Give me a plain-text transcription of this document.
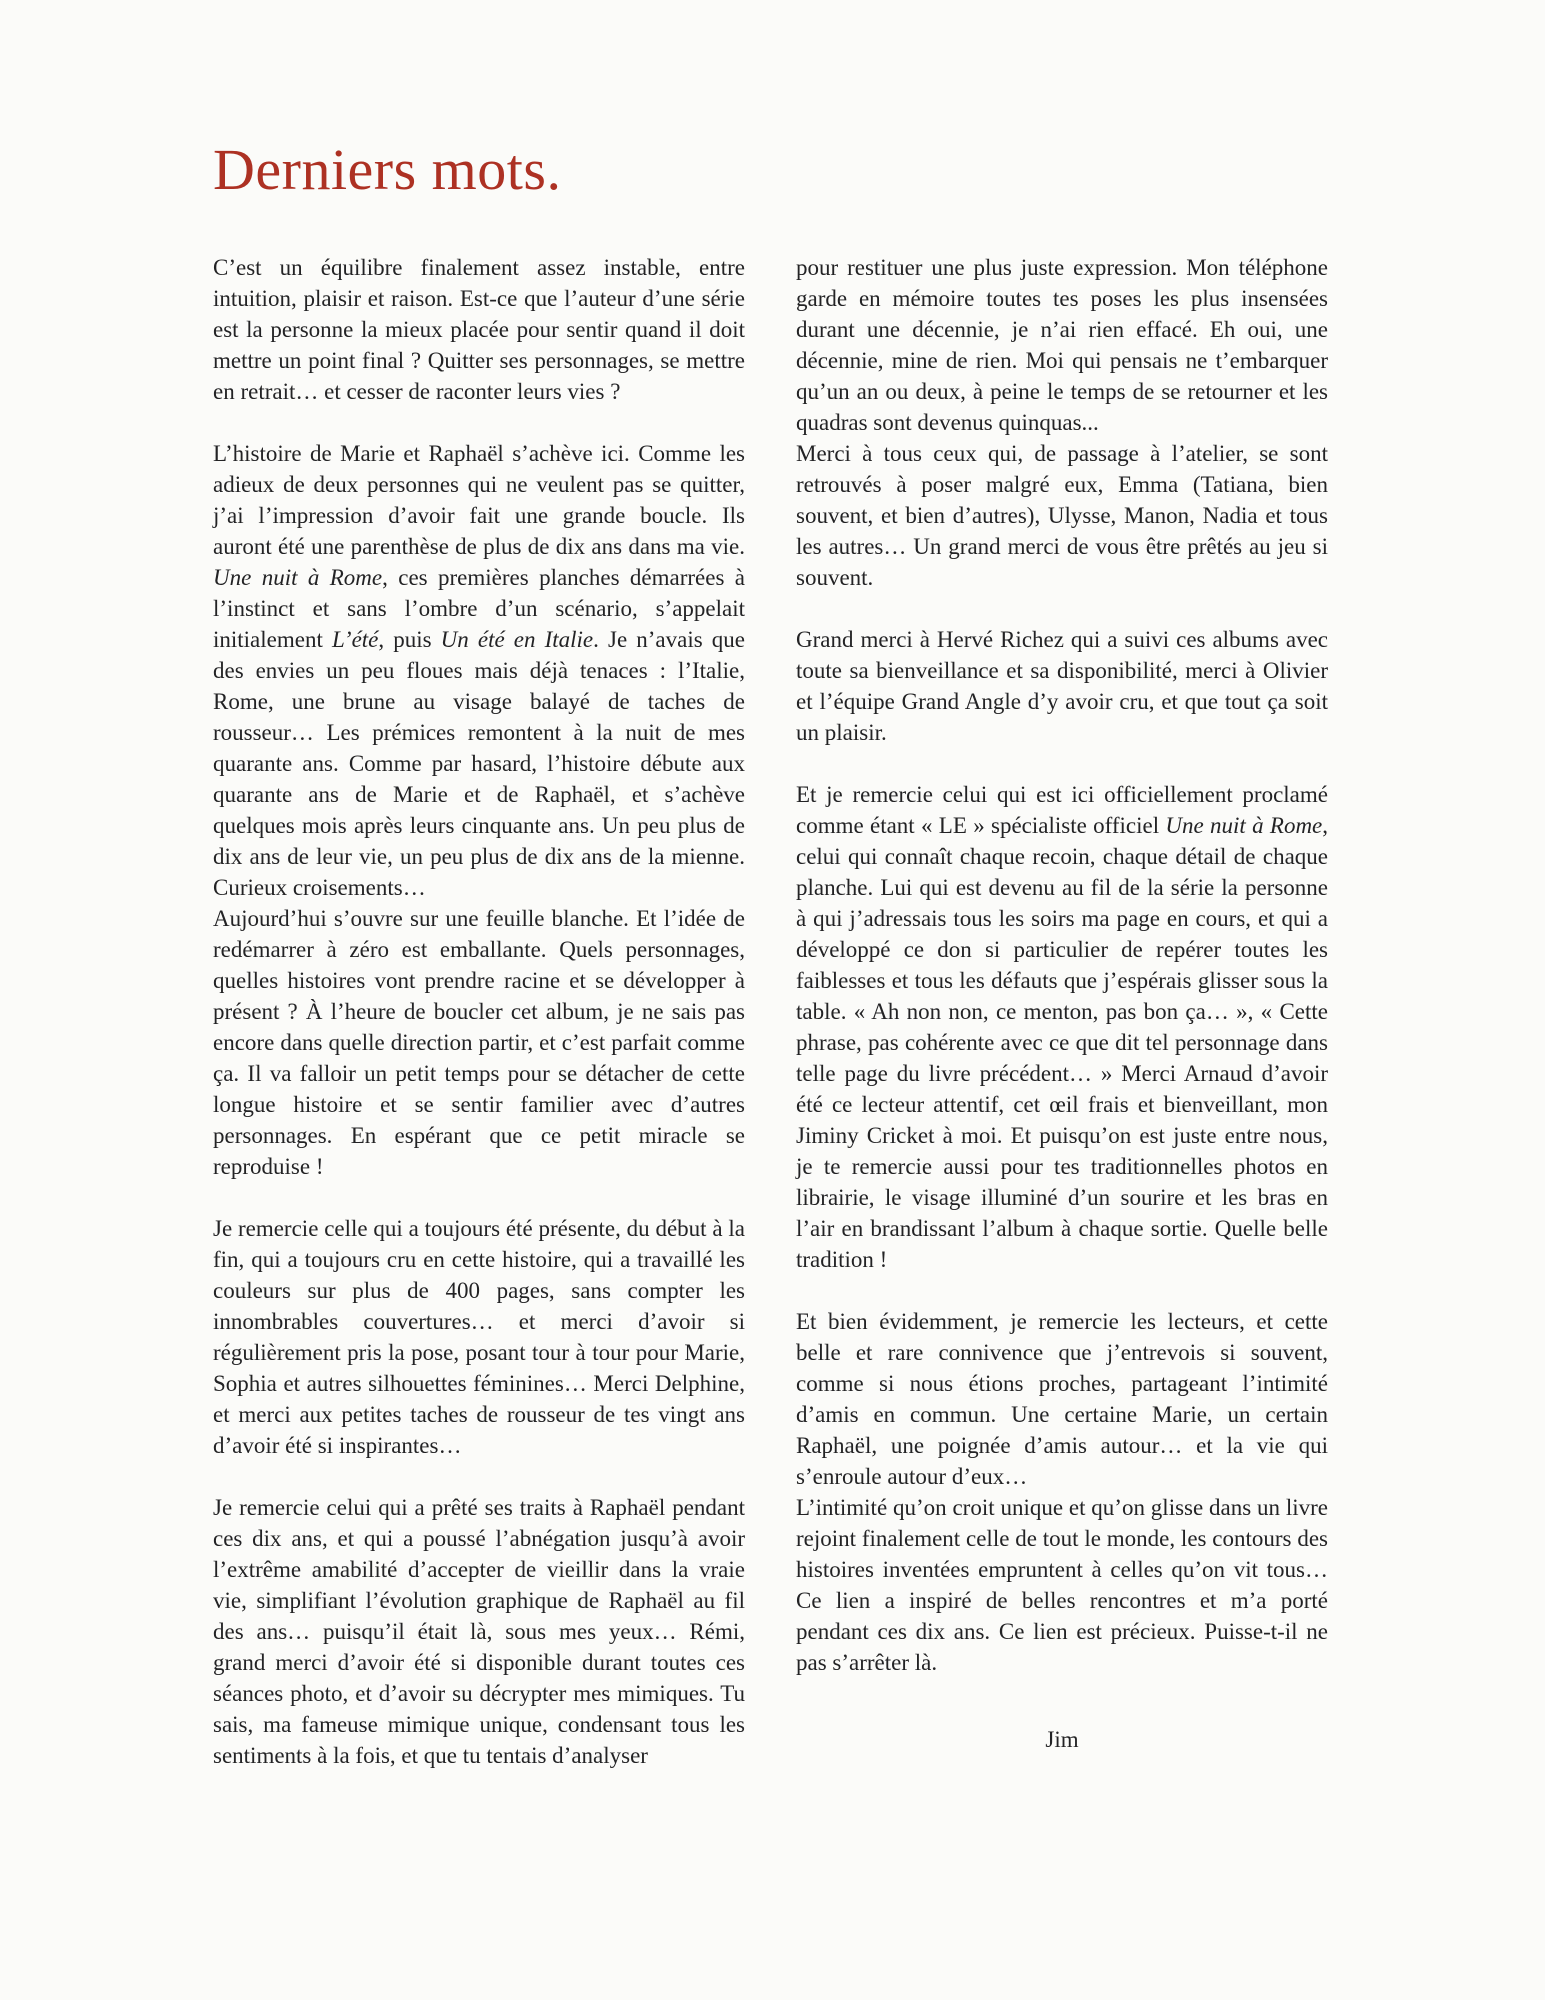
Derniers mots.

C’est un équilibre finalement assez instable, entre intuition, plaisir et raison. Est-ce que l’auteur d’une série est la personne la mieux placée pour sentir quand il doit mettre un point final ? Quitter ses personnages, se mettre en retrait… et cesser de raconter leurs vies ?

L’histoire de Marie et Raphaël s’achève ici. Comme les adieux de deux personnes qui ne veulent pas se quitter, j’ai l’impression d’avoir fait une grande boucle. Ils auront été une parenthèse de plus de dix ans dans ma vie. Une nuit à Rome, ces premières planches démarrées à l’instinct et sans l’ombre d’un scénario, s’appelait initialement L’été, puis Un été en Italie. Je n’avais que des envies un peu floues mais déjà tenaces : l’Italie, Rome, une brune au visage balayé de taches de rousseur… Les prémices remontent à la nuit de mes quarante ans. Comme par hasard, l’histoire débute aux quarante ans de Marie et de Raphaël, et s’achève quelques mois après leurs cinquante ans. Un peu plus de dix ans de leur vie, un peu plus de dix ans de la mienne. Curieux croisements…

Aujourd’hui s’ouvre sur une feuille blanche. Et l’idée de redémarrer à zéro est emballante. Quels personnages, quelles histoires vont prendre racine et se développer à présent ? À l’heure de boucler cet album, je ne sais pas encore dans quelle direction partir, et c’est parfait comme ça. Il va falloir un petit temps pour se détacher de cette longue histoire et se sentir familier avec d’autres personnages. En espérant que ce petit miracle se reproduise !

Je remercie celle qui a toujours été présente, du début à la fin, qui a toujours cru en cette histoire, qui a travaillé les couleurs sur plus de 400 pages, sans compter les innombrables couvertures… et merci d’avoir si régulièrement pris la pose, posant tour à tour pour Marie, Sophia et autres silhouettes féminines… Merci Delphine, et merci aux petites taches de rousseur de tes vingt ans d’avoir été si inspirantes…

Je remercie celui qui a prêté ses traits à Raphaël pendant ces dix ans, et qui a poussé l’abnégation jusqu’à avoir l’extrême amabilité d’accepter de vieillir dans la vraie vie, simplifiant l’évolution graphique de Raphaël au fil des ans… puisqu’il était là, sous mes yeux… Rémi, grand merci d’avoir été si disponible durant toutes ces séances photo, et d’avoir su décrypter mes mimiques. Tu sais, ma fameuse mimique unique, condensant tous les sentiments à la fois, et que tu tentais d’analyser

pour restituer une plus juste expression. Mon téléphone garde en mémoire toutes tes poses les plus insensées durant une décennie, je n’ai rien effacé. Eh oui, une décennie, mine de rien. Moi qui pensais ne t’embarquer qu’un an ou deux, à peine le temps de se retourner et les quadras sont devenus quinquas...

Merci à tous ceux qui, de passage à l’atelier, se sont retrouvés à poser malgré eux, Emma (Tatiana, bien souvent, et bien d’autres), Ulysse, Manon, Nadia et tous les autres… Un grand merci de vous être prêtés au jeu si souvent.

Grand merci à Hervé Richez qui a suivi ces albums avec toute sa bienveillance et sa disponibilité, merci à Olivier et l’équipe Grand Angle d’y avoir cru, et que tout ça soit un plaisir.

Et je remercie celui qui est ici officiellement proclamé comme étant « LE » spécialiste officiel Une nuit à Rome, celui qui connaît chaque recoin, chaque détail de chaque planche. Lui qui est devenu au fil de la série la personne à qui j’adressais tous les soirs ma page en cours, et qui a développé ce don si particulier de repérer toutes les faiblesses et tous les défauts que j’espérais glisser sous la table. « Ah non non, ce menton, pas bon ça… », « Cette phrase, pas cohérente avec ce que dit tel personnage dans telle page du livre précédent… » Merci Arnaud d’avoir été ce lecteur attentif, cet œil frais et bienveillant, mon Jiminy Cricket à moi. Et puisqu’on est juste entre nous, je te remercie aussi pour tes traditionnelles photos en librairie, le visage illuminé d’un sourire et les bras en l’air en brandissant l’album à chaque sortie. Quelle belle tradition !

Et bien évidemment, je remercie les lecteurs, et cette belle et rare connivence que j’entrevois si souvent, comme si nous étions proches, partageant l’intimité d’amis en commun. Une certaine Marie, un certain Raphaël, une poignée d’amis autour… et la vie qui s’enroule autour d’eux…

L’intimité qu’on croit unique et qu’on glisse dans un livre rejoint finalement celle de tout le monde, les contours des histoires inventées empruntent à celles qu’on vit tous… Ce lien a inspiré de belles rencontres et m’a porté pendant ces dix ans. Ce lien est précieux. Puisse-t-il ne pas s’arrêter là.

Jim
